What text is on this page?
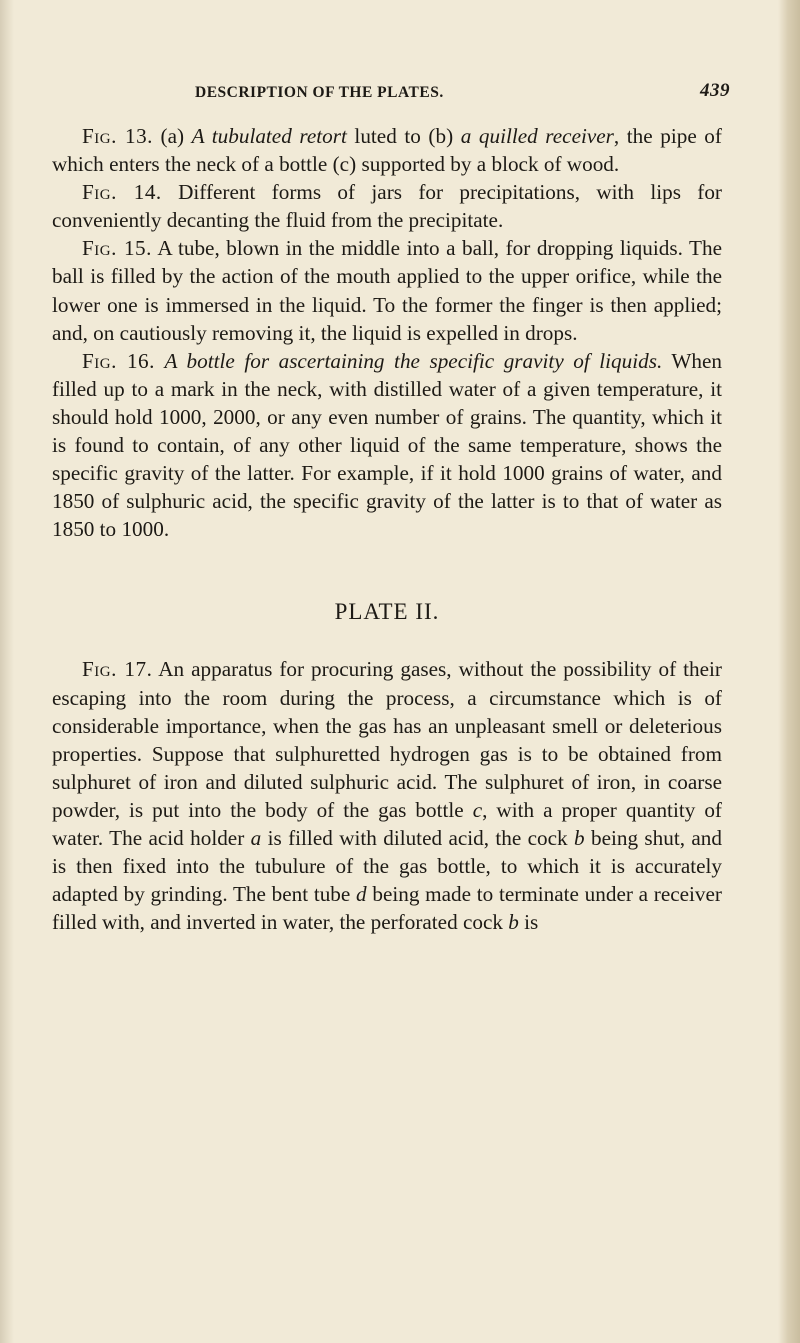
DESCRIPTION OF THE PLATES.	439

Fig. 13. (a) A tubulated retort luted to (b) a quilled receiver, the pipe of which enters the neck of a bottle (c) supported by a block of wood.

Fig. 14. Different forms of jars for precipitations, with lips for conveniently decanting the fluid from the precipitate.

Fig. 15. A tube, blown in the middle into a ball, for dropping liquids. The ball is filled by the action of the mouth applied to the upper orifice, while the lower one is immersed in the liquid. To the former the finger is then applied; and, on cautiously removing it, the liquid is expelled in drops.

Fig. 16. A bottle for ascertaining the specific gravity of liquids. When filled up to a mark in the neck, with distilled water of a given temperature, it should hold 1000, 2000, or any even number of grains. The quantity, which it is found to contain, of any other liquid of the same temperature, shows the specific gravity of the latter. For example, if it hold 1000 grains of water, and 1850 of sulphuric acid, the specific gravity of the latter is to that of water as 1850 to 1000.

PLATE II.

Fig. 17. An apparatus for procuring gases, without the possibility of their escaping into the room during the process, a circumstance which is of considerable importance, when the gas has an unpleasant smell or deleterious properties. Suppose that sulphuretted hydrogen gas is to be obtained from sulphuret of iron and diluted sulphuric acid. The sulphuret of iron, in coarse powder, is put into the body of the gas bottle c, with a proper quantity of water. The acid holder a is filled with diluted acid, the cock b being shut, and is then fixed into the tubulure of the gas bottle, to which it is accurately adapted by grinding. The bent tube d being made to terminate under a receiver filled with, and inverted in water, the perforated cock b is
